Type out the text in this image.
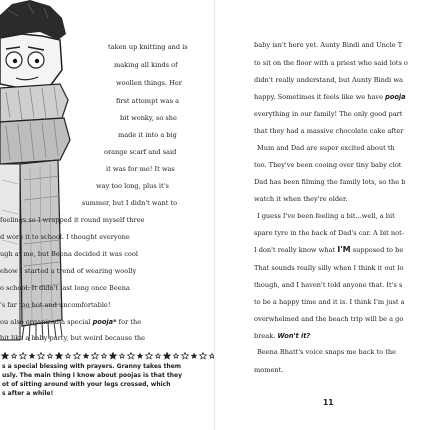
taken up knitting and is
making all kinds of
woollen things. Her
first attempt was a
bit wonky, so she
made it into a big
orange scarf and said
it was for me! It was
way too long, plus it's
summer, but I didn't want to
feelings so I wrapped it round myself three
d wore it to school. I thought everyone
ugh at me, but Beena decided it was cool
ehow I started a trend of wearing woolly
o school. It didn't last long once Beena
's far too hot and uncomfortable!
ou also organized a special pooja* for the
bit like a baby party, but weird because the
s a special blessing with prayers. Granny takes them
usly. The main thing I know about poojas is that they
ot of sitting around with your legs crossed, which
s after a while!
baby isn't here yet. Aunty Bindi and Uncle T
to sit on the floor with a priest who said lots o
didn't really understand, but Aunty Bindi wa
happy. Sometimes it feels like we have pooja
everything in our family! The only good part
that they had a massive chocolate cake after
Mum and Dad are super excited about th
too. They've been cooing over tiny baby clot
Dad has been filming the family lots, so the b
watch it when they're older.
I guess I've been feeling a bit...well, a bit
spare tyre in the back of Dad's car. A bit not-
I don't really know what I'M supposed to be
That sounds really silly when I think it out lo
though, and I haven't told anyone that. It's s
to be a happy time and it is. I think I'm just a
overwhelmed and the beach trip will be a go
break. Won't it?
Beena Bhatt's voice snaps me back to the
moment.
11
